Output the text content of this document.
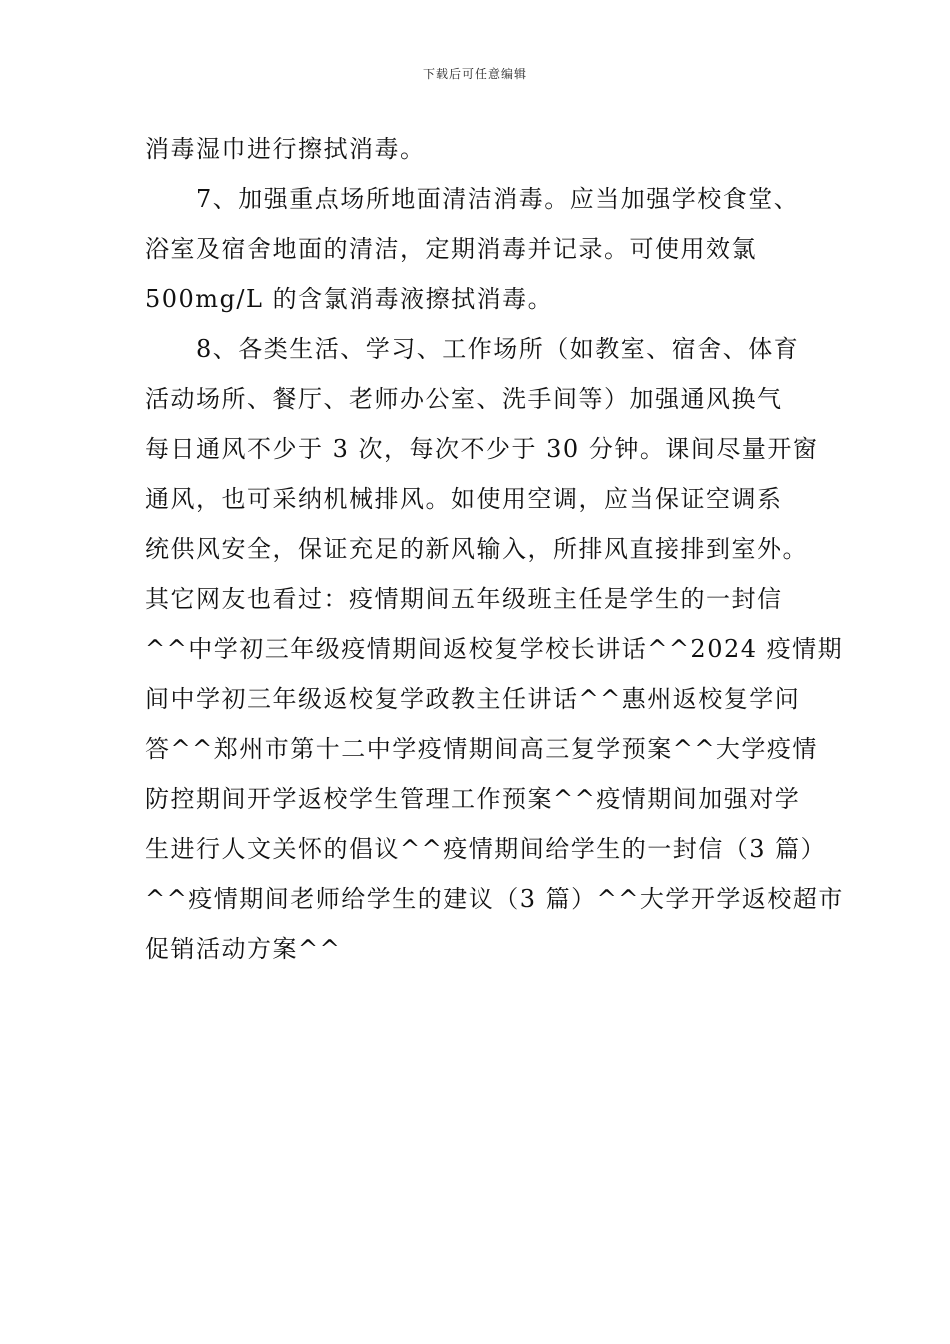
下载后可任意编辑
消毒湿巾进行擦拭消毒。
　　7、加强重点场所地面清洁消毒。应当加强学校食堂、
浴室及宿舍地面的清洁，定期消毒并记录。可使用效氯
500mg/L 的含氯消毒液擦拭消毒。
　　8、各类生活、学习、工作场所（如教室、宿舍、体育
活动场所、餐厅、老师办公室、洗手间等）加强通风换气
每日通风不少于 3 次，每次不少于 30 分钟。课间尽量开窗
通风，也可采纳机械排风。如使用空调，应当保证空调系
统供风安全，保证充足的新风输入，所排风直接排到室外。
其它网友也看过：疫情期间五年级班主任是学生的一封信
^^中学初三年级疫情期间返校复学校长讲话^^2024 疫情期
间中学初三年级返校复学政教主任讲话^^惠州返校复学问
答^^郑州市第十二中学疫情期间高三复学预案^^大学疫情
防控期间开学返校学生管理工作预案^^疫情期间加强对学
生进行人文关怀的倡议^^疫情期间给学生的一封信（3 篇）
^^疫情期间老师给学生的建议（3 篇）^^大学开学返校超市
促销活动方案^^
